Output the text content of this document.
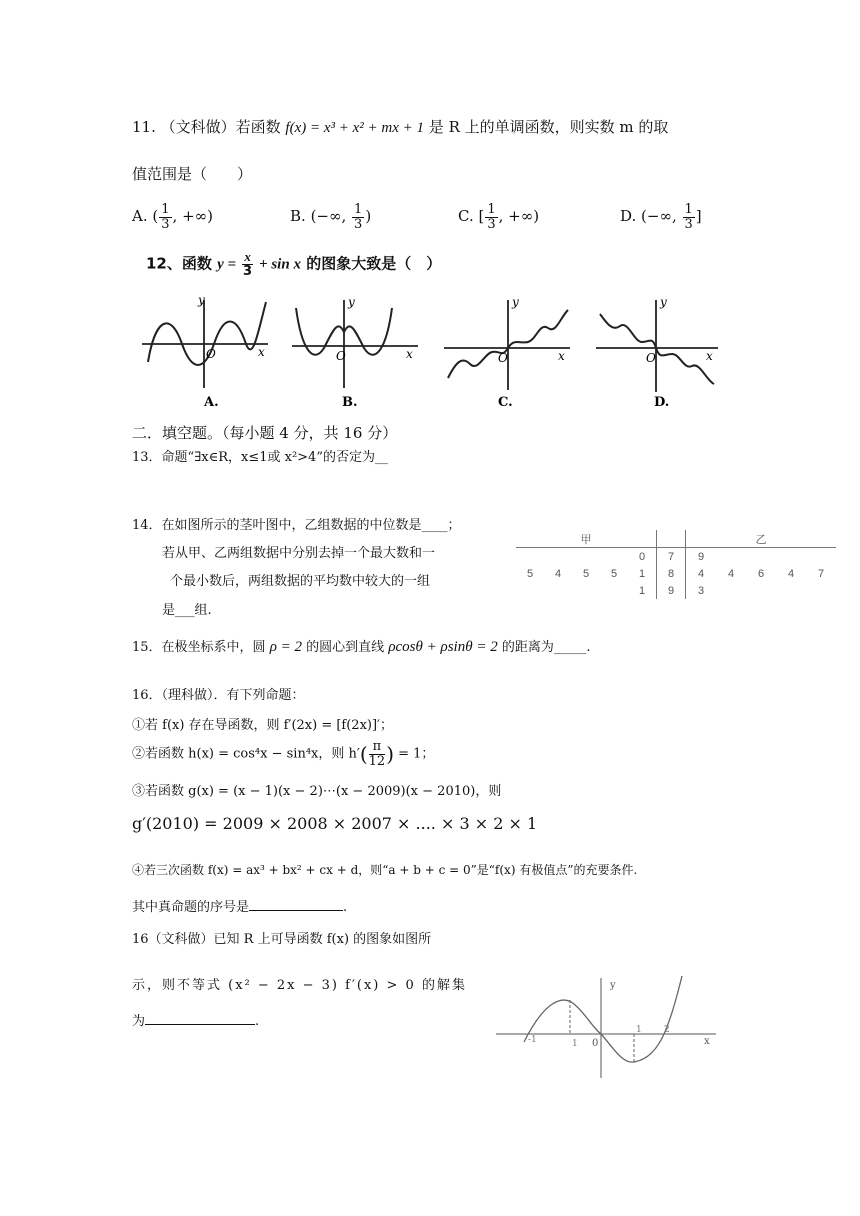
11. （文科做）若函数 f(x) = x³ + x² + mx + 1 是 R 上的单调函数，则实数 m 的取
值范围是（　　）
A. ( $\frac{1}{3}$ , +∞)	B. (−∞, $\frac{1}{3}$ )	C. [ $\frac{1}{3}$ , +∞)	D. (−∞, $\frac{1}{3}$ ]
12、函数 $y = \frac{x}{3} + \sin x$ 的图象大致是（　）
y
x
O
A.
y
x
O
B.
y
x
O
C.
y
x
O
D.
二．填空题。（每小题 4 分，共 16 分）
13．命题“∃x∈R，x≤1或 x²>4”的否定为__
14．在如图所示的茎叶图中，乙组数据的中位数是____；
若从甲、乙两组数据中分别去掉一个最大数和一
个最小数后，两组数据的平均数中较大的一组
是___组.
甲						乙				
				0	7	9				
5	4	5	5	1	8	4	4	6	4	7
				1	9	3				
15．在极坐标系中，圆 ρ = 2 的圆心到直线 ρcosθ + ρsinθ = 2 的距离为_____.
16．（理科做）．有下列命题：
①若 f(x) 存在导函数，则 f′(2x) = [f(2x)]′；
②若函数 h(x) = cos⁴x − sin⁴x，则 $h'( \frac{\pi}{12}$ ) = 1；
③若函数 g(x) = (x − 1)(x − 2)⋯(x − 2009)(x − 2010)，则
g′(2010) = 2009 × 2008 × 2007 × .... × 3 × 2 × 1
④若三次函数 f(x) = ax³ + bx² + cx + d，则“a + b + c = 0”是“f(x) 有极值点”的充要条件.
其中真命题的序号是	.
16（文科做）已知 R 上可导函数 f(x) 的图象如图所
示，则不等式 (x² − 2x − 3) f′(x) > 0 的解集
为	.
y
x
0
-1	1
1 2
